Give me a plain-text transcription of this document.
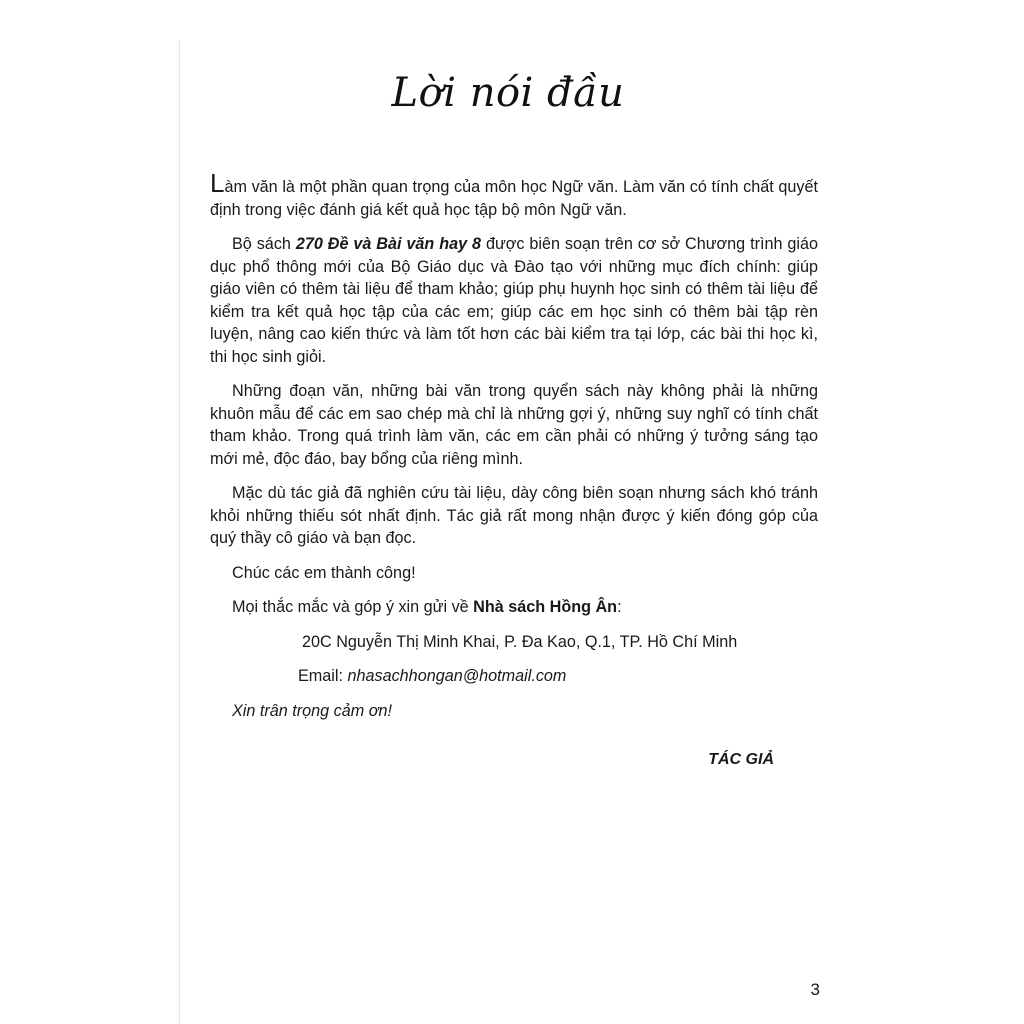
Lời nói đầu

Làm văn là một phần quan trọng của môn học Ngữ văn. Làm văn có tính chất quyết định trong việc đánh giá kết quả học tập bộ môn Ngữ văn.

Bộ sách 270 Đề và Bài văn hay 8 được biên soạn trên cơ sở Chương trình giáo dục phổ thông mới của Bộ Giáo dục và Đào tạo với những mục đích chính: giúp giáo viên có thêm tài liệu để tham khảo; giúp phụ huynh học sinh có thêm tài liệu để kiểm tra kết quả học tập của các em; giúp các em học sinh có thêm bài tập rèn luyện, nâng cao kiến thức và làm tốt hơn các bài kiểm tra tại lớp, các bài thi học kì, thi học sinh giỏi.

Những đoạn văn, những bài văn trong quyển sách này không phải là những khuôn mẫu để các em sao chép mà chỉ là những gợi ý, những suy nghĩ có tính chất tham khảo. Trong quá trình làm văn, các em cần phải có những ý tưởng sáng tạo mới mẻ, độc đáo, bay bổng của riêng mình.

Mặc dù tác giả đã nghiên cứu tài liệu, dày công biên soạn nhưng sách khó tránh khỏi những thiếu sót nhất định. Tác giả rất mong nhận được ý kiến đóng góp của quý thầy cô giáo và bạn đọc.

Chúc các em thành công!

Mọi thắc mắc và góp ý xin gửi về Nhà sách Hồng Ân:

20C Nguyễn Thị Minh Khai, P. Đa Kao, Q.1, TP. Hồ Chí Minh

Email: nhasachhongan@hotmail.com

Xin trân trọng cảm ơn!

TÁC GIẢ
3
